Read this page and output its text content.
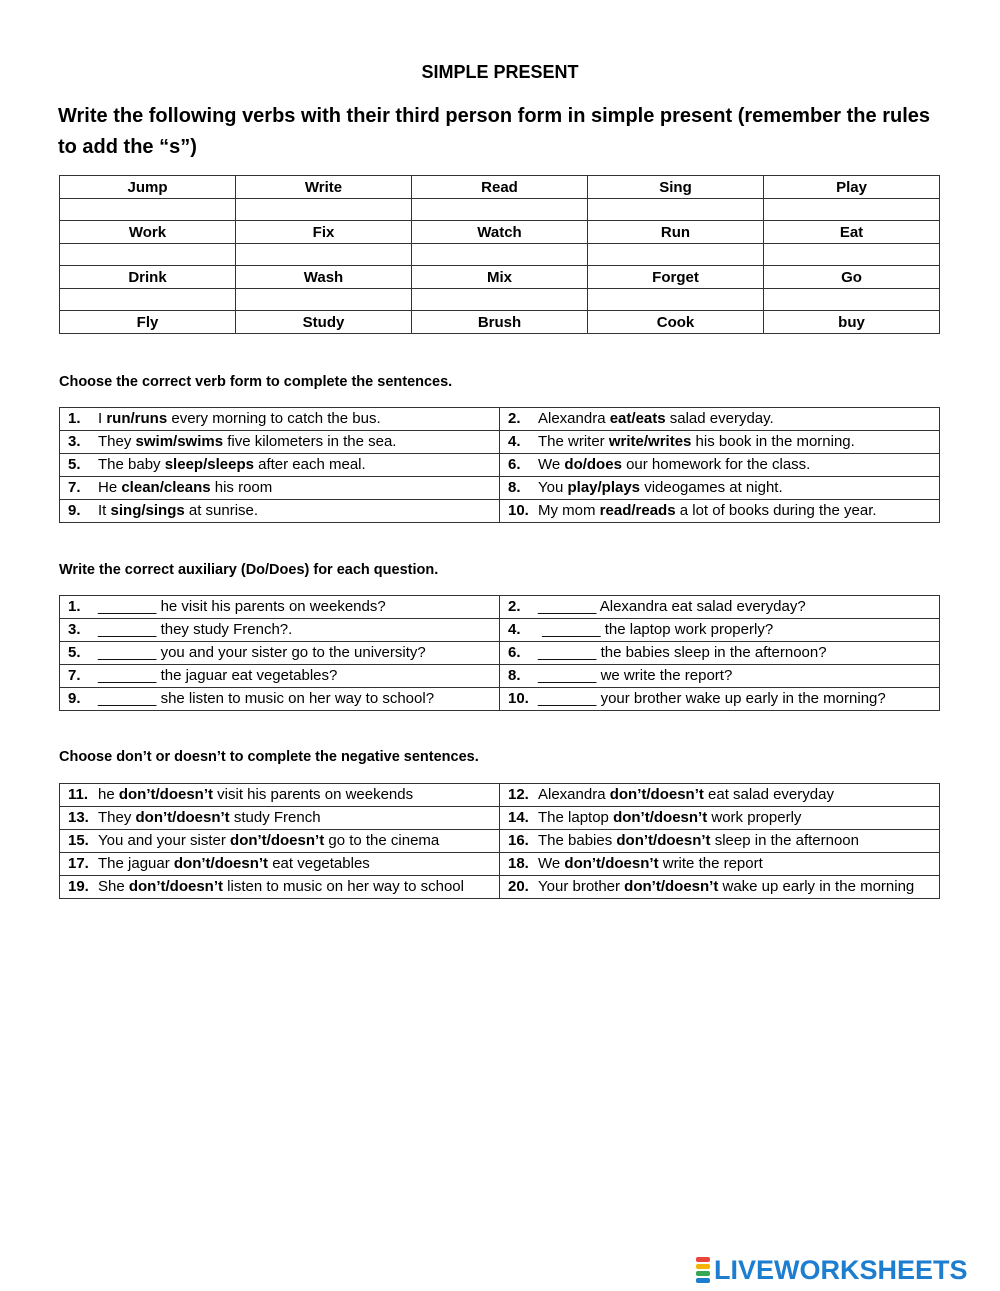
SIMPLE PRESENT
Write the following verbs with their third person form in simple present (remember the rules to add the “s”)
Jump	Write	Read	Sing	Play

Work	Fix	Watch	Run	Eat

Drink	Wash	Mix	Forget	Go

Fly	Study	Brush	Cook	buy
Choose the correct verb form to complete the sentences.
1. I run/runs every morning to catch the bus.	2. Alexandra eat/eats salad everyday.
3. They swim/swims five kilometers in the sea.	4. The writer write/writes his book in the morning.
5. The baby sleep/sleeps after each meal.	6. We do/does our homework for the class.
7. He clean/cleans his room	8. You play/plays videogames at night.
9. It sing/sings at sunrise.	10. My mom read/reads a lot of books during the year.
Write the correct auxiliary (Do/Does) for each question.
1. _______ he visit his parents on weekends?	2. _______ Alexandra eat salad everyday?
3. _______ they study French?.	4. _______ the laptop work properly?
5. _______ you and your sister go to the university?	6. _______ the babies sleep in the afternoon?
7. _______ the jaguar eat vegetables?	8. _______ we write the report?
9. _______ she listen to music on her way to school?	10. _______ your brother wake up early in the morning?
Choose don’t or doesn’t to complete the negative sentences.
11. he don’t/doesn’t visit his parents on weekends	12. Alexandra don’t/doesn’t eat salad everyday
13. They don’t/doesn’t study French	14. The laptop don’t/doesn’t work properly
15. You and your sister don’t/doesn’t go to the cinema	16. The babies don’t/doesn’t sleep in the afternoon
17. The jaguar don’t/doesn’t eat vegetables	18. We don’t/doesn’t write the report
19. She don’t/doesn’t listen to music on her way to school	20. Your brother don’t/doesn’t wake up early in the morning
LIVEWORKSHEETS
